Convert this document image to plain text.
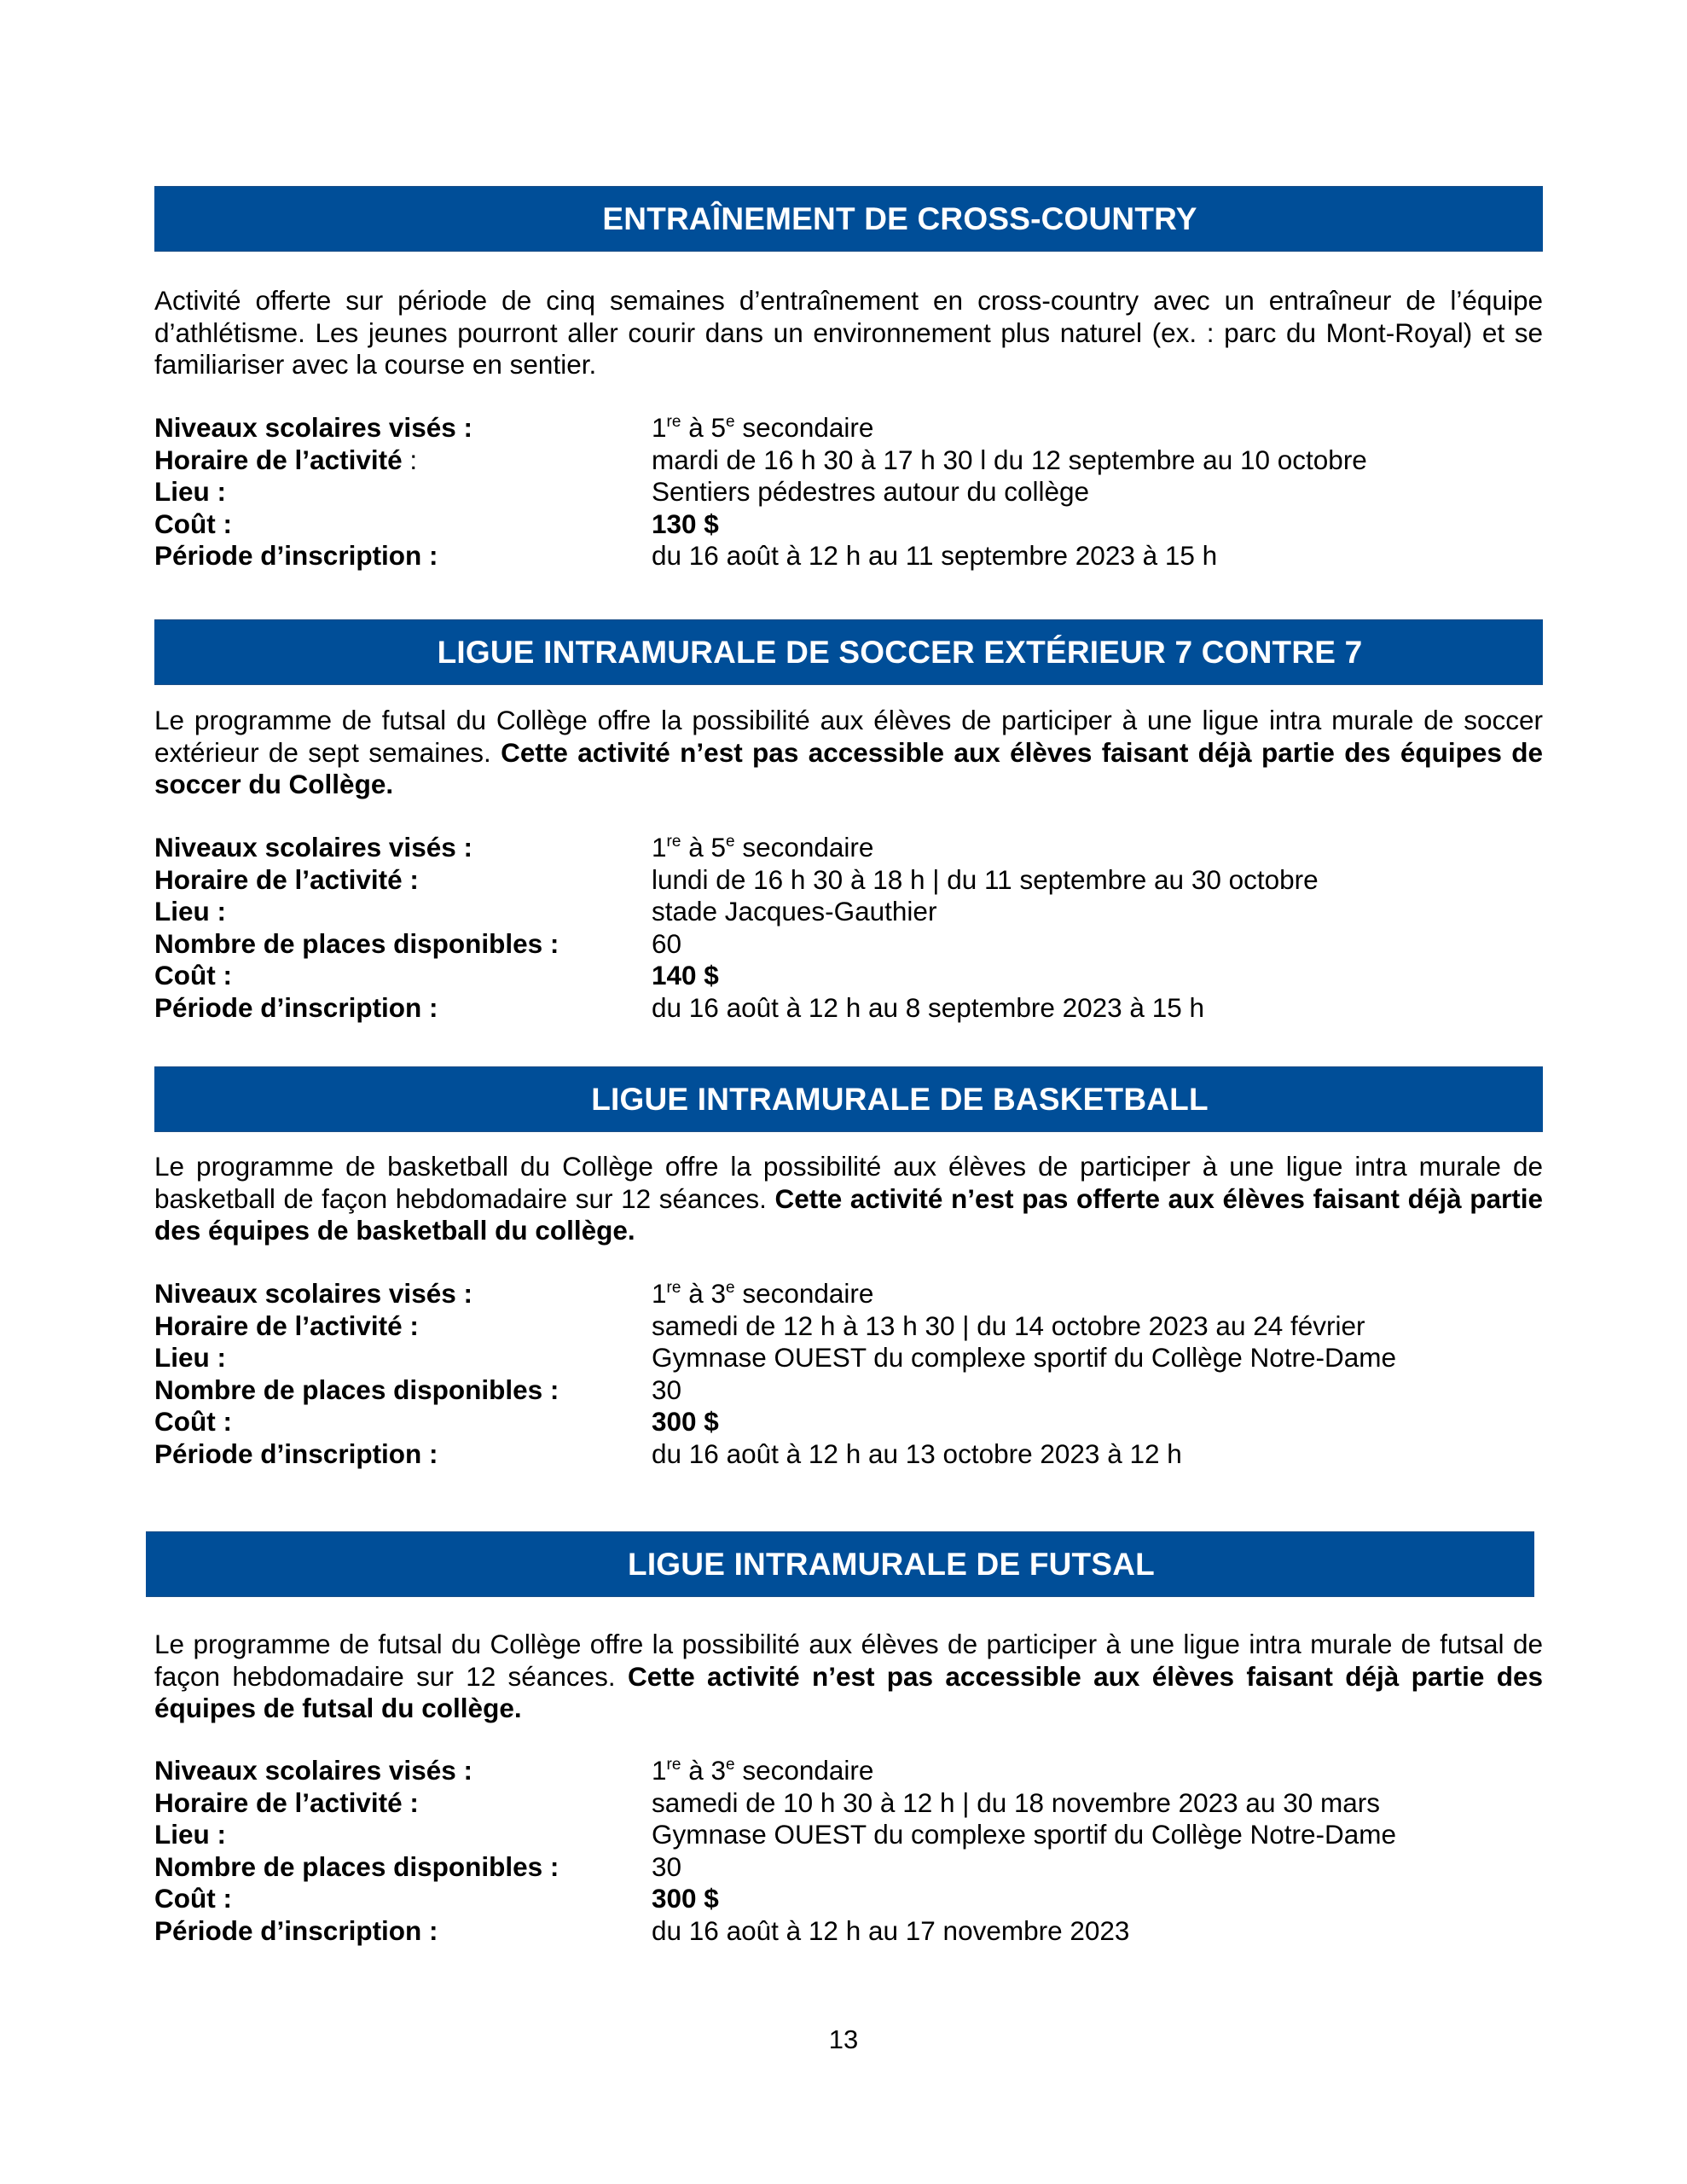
ENTRAÎNEMENT DE CROSS-COUNTRY
Activité offerte sur période de cinq semaines d’entraînement en cross-country avec un entraîneur de l’équipe d’athlétisme. Les jeunes pourront aller courir dans un environnement plus naturel (ex. : parc du Mont-Royal) et se familiariser avec la course en sentier.
Niveaux scolaires visés :	1re à 5e secondaire
Horaire de l’activité :	mardi de 16 h 30 à 17 h 30 l du 12 septembre au 10 octobre
Lieu :	Sentiers pédestres autour du collège
Coût :	130 $
Période d’inscription :	du 16 août à 12 h au 11 septembre 2023 à 15 h
LIGUE INTRAMURALE DE SOCCER EXTÉRIEUR 7 CONTRE 7
Le programme de futsal du Collège offre la possibilité aux élèves de participer à une ligue intra murale de soccer extérieur de sept semaines. Cette activité n’est pas accessible aux élèves faisant déjà partie des équipes de soccer du Collège.
Niveaux scolaires visés :	1re à 5e secondaire
Horaire de l’activité :	lundi de 16 h 30 à 18 h | du 11 septembre au 30 octobre
Lieu :	stade Jacques-Gauthier
Nombre de places disponibles :	60
Coût :	140 $
Période d’inscription :	du 16 août à 12 h au 8 septembre 2023 à 15 h
LIGUE INTRAMURALE DE BASKETBALL
Le programme de basketball du Collège offre la possibilité aux élèves de participer à une ligue intra murale de basketball de façon hebdomadaire sur 12 séances. Cette activité n’est pas offerte aux élèves faisant déjà partie des équipes de basketball du collège.
Niveaux scolaires visés :	1re à 3e secondaire
Horaire de l’activité :	samedi de 12 h à 13 h 30 | du 14 octobre 2023 au 24 février
Lieu :	Gymnase OUEST du complexe sportif du Collège Notre-Dame
Nombre de places disponibles :	30
Coût :	300 $
Période d’inscription :	du 16 août à 12 h au 13 octobre 2023 à 12 h
LIGUE INTRAMURALE DE FUTSAL
Le programme de futsal du Collège offre la possibilité aux élèves de participer à une ligue intra murale de futsal de façon hebdomadaire sur 12 séances. Cette activité n’est pas accessible aux élèves faisant déjà partie des équipes de futsal du collège.
Niveaux scolaires visés :	1re à 3e secondaire
Horaire de l’activité :	samedi de 10 h 30 à 12 h | du 18 novembre 2023 au 30 mars
Lieu :	Gymnase OUEST du complexe sportif du Collège Notre-Dame
Nombre de places disponibles :	30
Coût :	300 $
Période d’inscription :	du 16 août à 12 h au 17 novembre 2023
13
